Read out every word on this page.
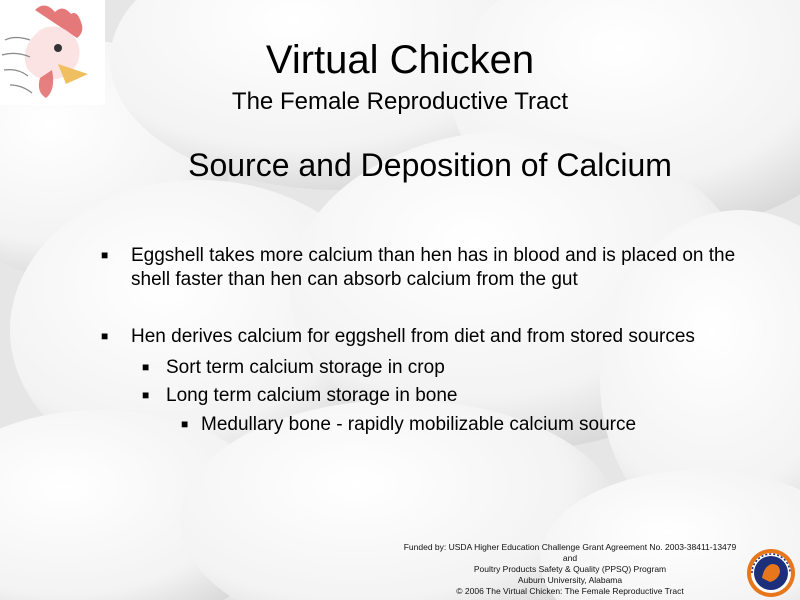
Virtual Chicken
The Female Reproductive Tract
Source and Deposition of Calcium
■ Eggshell takes more calcium than hen has in blood and is placed on the shell faster than hen can absorb calcium from the gut
■ Hen derives calcium for eggshell from diet and from stored sources
■ Sort term calcium storage in crop
■ Long term calcium storage in bone
■ Medullary bone - rapidly mobilizable calcium source
Funded by: USDA Higher Education Challenge Grant Agreement No. 2003-38411-13479
and
Poultry Products Safety & Quality (PPSQ) Program
Auburn University, Alabama
© 2006 The Virtual Chicken: The Female Reproductive Tract
